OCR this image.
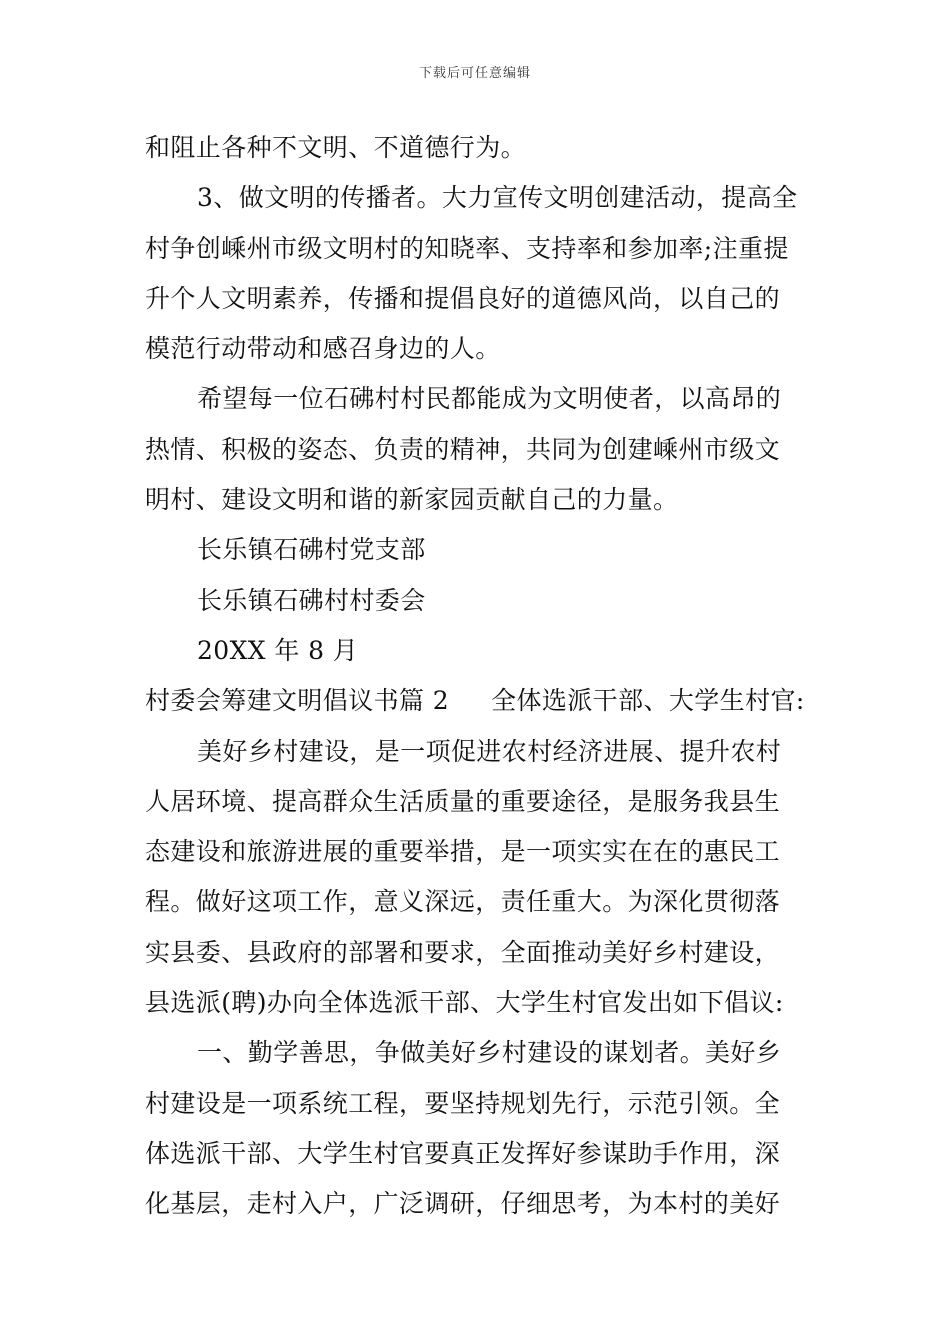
下载后可任意编辑
和阻止各种不文明、不道德行为。
3、做文明的传播者。大力宣传文明创建活动，提高全
村争创嵊州市级文明村的知晓率、支持率和参加率;注重提
升个人文明素养，传播和提倡良好的道德风尚，以自己的
模范行动带动和感召身边的人。
希望每一位石砩村村民都能成为文明使者，以高昂的
热情、积极的姿态、负责的精神，共同为创建嵊州市级文
明村、建设文明和谐的新家园贡献自己的力量。
长乐镇石砩村党支部
长乐镇石砩村村委会
20XX 年 8 月
村委会筹建文明倡议书篇 2 全体选派干部、大学生村官:
美好乡村建设，是一项促进农村经济进展、提升农村
人居环境、提高群众生活质量的重要途径，是服务我县生
态建设和旅游进展的重要举措，是一项实实在在的惠民工
程。做好这项工作，意义深远，责任重大。为深化贯彻落
实县委、县政府的部署和要求，全面推动美好乡村建设，
县选派(聘)办向全体选派干部、大学生村官发出如下倡议:
一、勤学善思，争做美好乡村建设的谋划者。美好乡
村建设是一项系统工程，要坚持规划先行，示范引领。全
体选派干部、大学生村官要真正发挥好参谋助手作用，深
化基层，走村入户，广泛调研，仔细思考，为本村的美好
